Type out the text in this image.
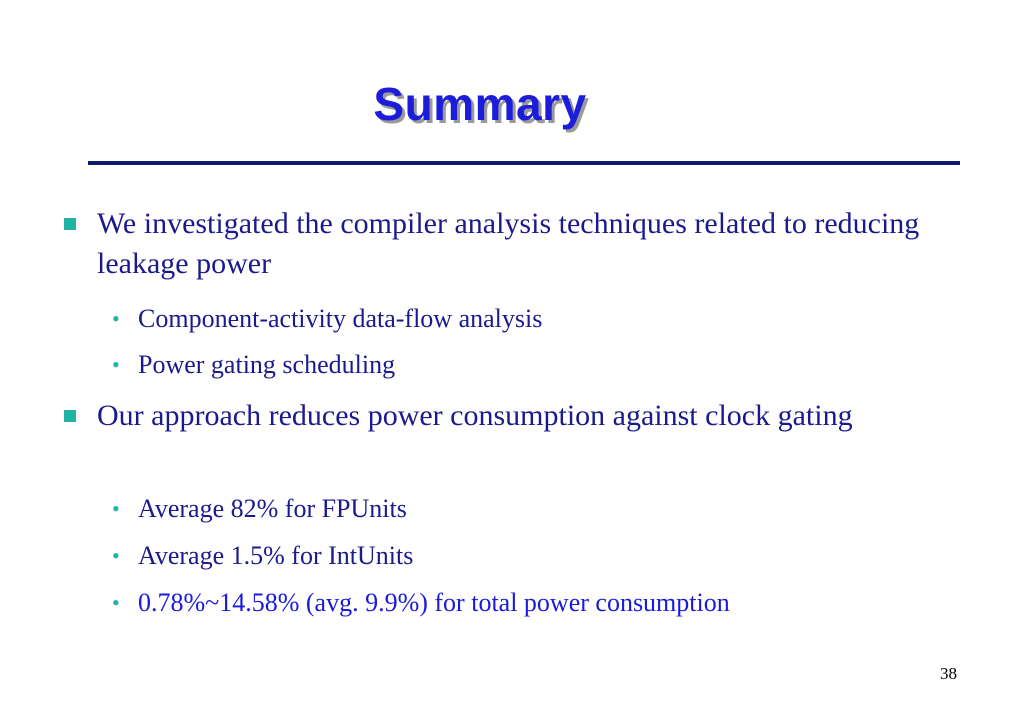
Summary
We investigated the compiler analysis techniques related to reducing leakage power
• Component-activity data-flow analysis
• Power gating scheduling
Our approach reduces power consumption against clock gating
• Average 82% for FPUnits
• Average 1.5% for IntUnits
• 0.78%~14.58% (avg. 9.9%) for total power consumption
38
